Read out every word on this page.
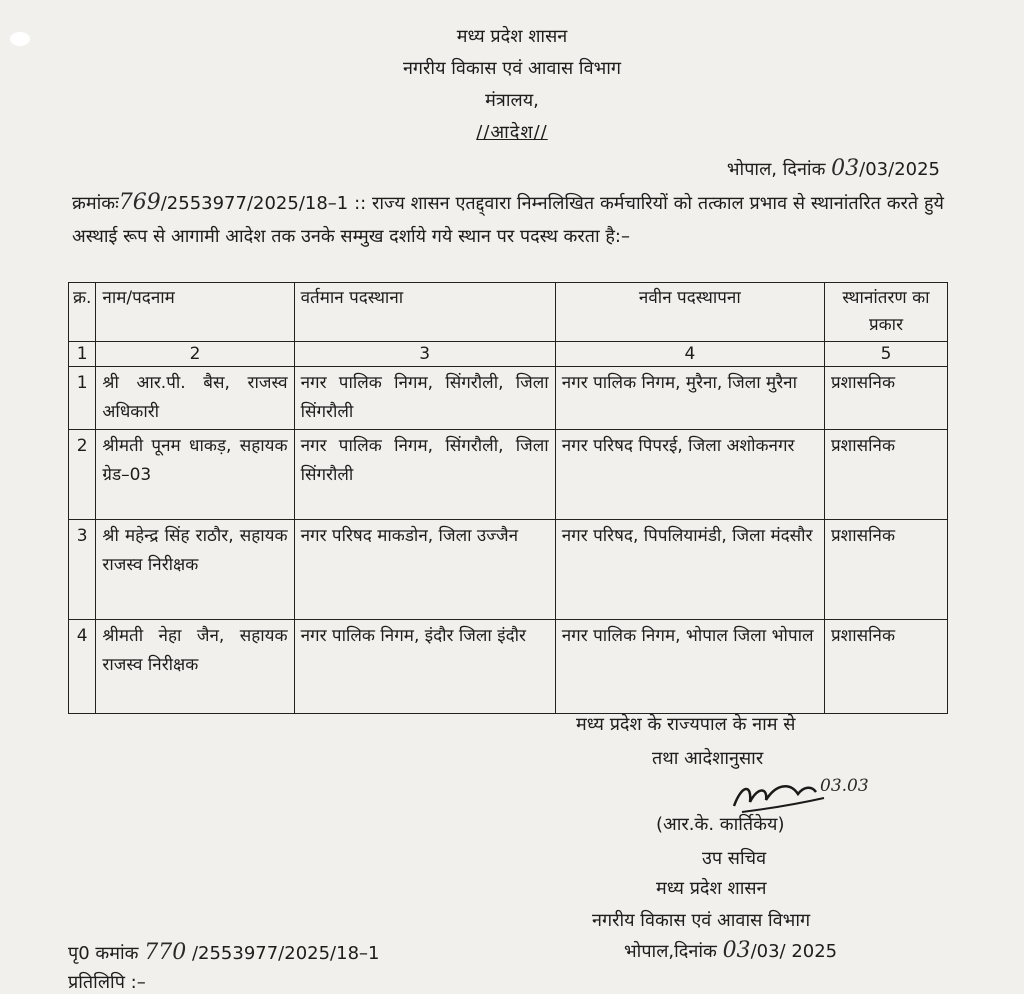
मध्य प्रदेश शासन
नगरीय विकास एवं आवास विभाग
मंत्रालय,
//आदेश//
भोपाल, दिनांक 03/03/2025
क्रमांकः769/2553977/2025/18–1 :: राज्य शासन एतद्द्वारा निम्नलिखित कर्मचारियों को तत्काल प्रभाव से स्थानांतरित करते हुये अस्थाई रूप से आगामी आदेश तक उनके सम्मुख दर्शाये गये स्थान पर पदस्थ करता है:–
क्र.	नाम/पदनाम	वर्तमान पदस्थाना	नवीन पदस्थापना	स्थानांतरण का प्रकार
1	2	3	4	5
1	श्री आर.पी. बैस, राजस्व अधिकारी	नगर पालिक निगम, सिंगरौली, जिला सिंगरौली	नगर पालिक निगम, मुरैना, जिला मुरैना	प्रशासनिक
2	श्रीमती पूनम धाकड़, सहायक ग्रेड–03	नगर पालिक निगम, सिंगरौली, जिला सिंगरौली	नगर परिषद पिपरई, जिला अशोकनगर	प्रशासनिक
3	श्री महेन्द्र सिंह राठौर, सहायक राजस्व निरीक्षक	नगर परिषद माकडोन, जिला उज्जैन	नगर परिषद, पिपलियामंडी, जिला मंदसौर	प्रशासनिक
4	श्रीमती नेहा जैन, सहायक राजस्व निरीक्षक	नगर पालिक निगम, इंदौर जिला इंदौर	नगर पालिक निगम, भोपाल जिला भोपाल	प्रशासनिक
मध्य प्रदेश के राज्यपाल के नाम से
तथा आदेशानुसार
03.03
(आर.के. कार्तिकेय)
उप सचिव
मध्य प्रदेश शासन
नगरीय विकास एवं आवास विभाग
भोपाल,दिनांक 03/03/ 2025
पृ0 कमांक 770 /2553977/2025/18–1
प्रतिलिपि :–
